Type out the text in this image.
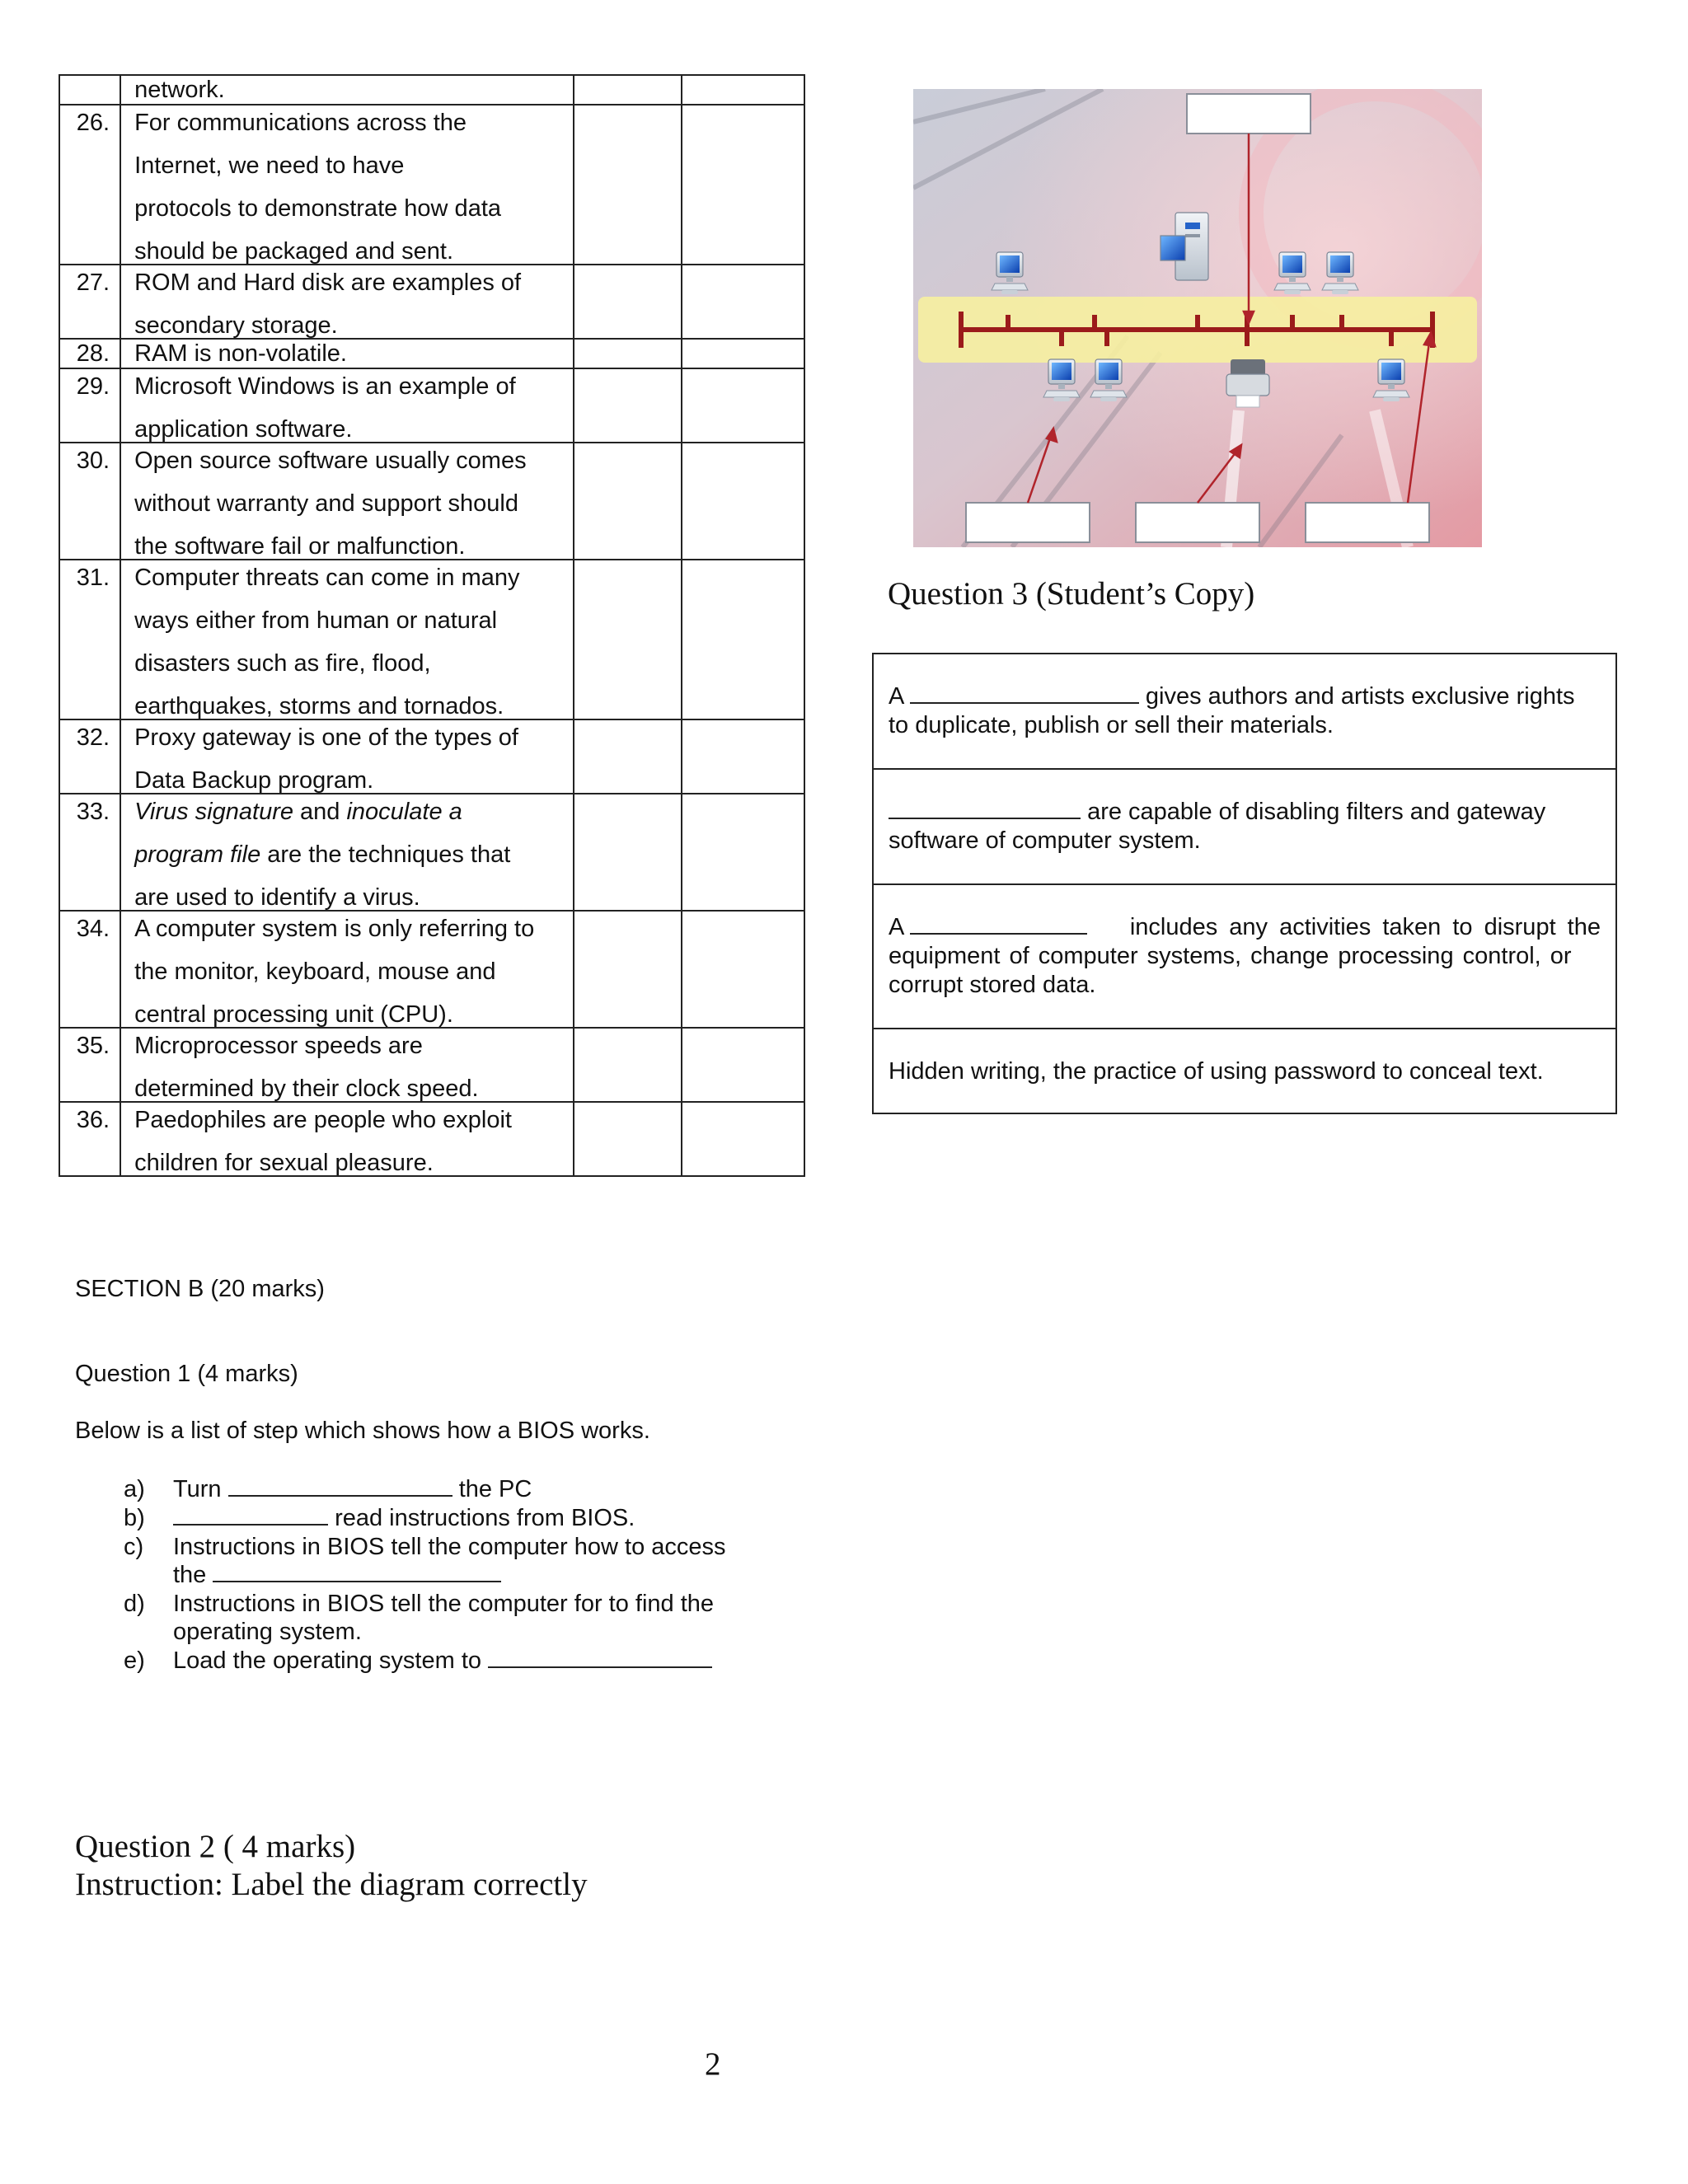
	network.		

26.	For communications across the
Internet, we need to have
protocols to demonstrate how data
should be packaged and sent.		

27.	ROM and Hard disk are examples of
secondary storage.		

28.	RAM is non-volatile.		

29.	Microsoft Windows is an example of
application software.		

30.	Open source software usually comes
without warranty and support should
the software fail or malfunction.		

31.	Computer threats can come in many
ways either from human or natural
disasters such as fire, flood,
earthquakes, storms and tornados.		

32.	Proxy gateway is one of the types of
Data Backup program.		

33.	Virus signature and inoculate a
program file are the techniques that
are used to identify a virus.		

34.	A computer system is only referring to
the monitor, keyboard, mouse and
central processing unit (CPU).		

35.	Microprocessor speeds are
determined by their clock speed.		

36.	Paedophiles are people who exploit
children for sexual pleasure.		

Question 3 (Student’s Copy)
A	gives authors and artists exclusive rights
to duplicate, publish or sell their materials.
are capable of disabling filters and gateway
software of computer system.
A	includes any activities taken to disrupt the
equipment of computer systems, change processing control, or
corrupt stored data.
Hidden writing, the practice of using password to conceal text.
SECTION B (20 marks)
Question 1 (4 marks)
Below is a list of step which shows how a BIOS works.
a)	Turn	the PC
b)	read instructions from BIOS.
c)	Instructions in BIOS tell the computer how to access
the
d)	Instructions in BIOS tell the computer for to find the
operating system.
e)	Load the operating system to
Question 2 ( 4 marks)
Instruction: Label the diagram correctly
2
